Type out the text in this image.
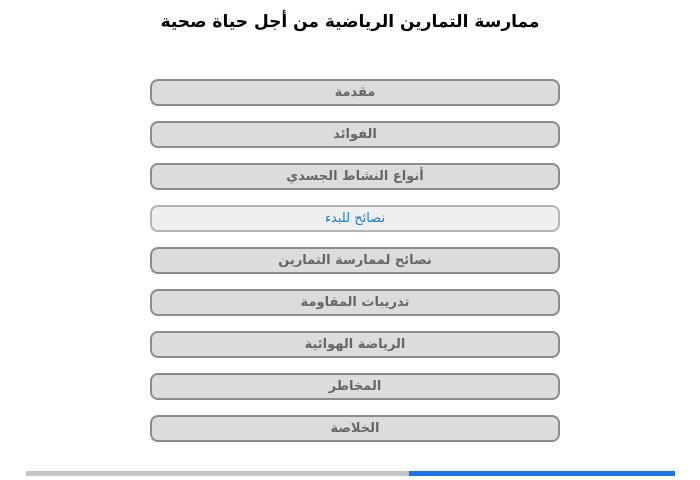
ممارسة التمارين الرياضية من أجل حياة صحية
مقدمة
الفوائد
أنواع النشاط الجسدي
نصائح للبدء
نصائح لممارسة التمارين
تدريبات المقاومة
الرياضة الهوائية
المخاطر
الخلاصة
